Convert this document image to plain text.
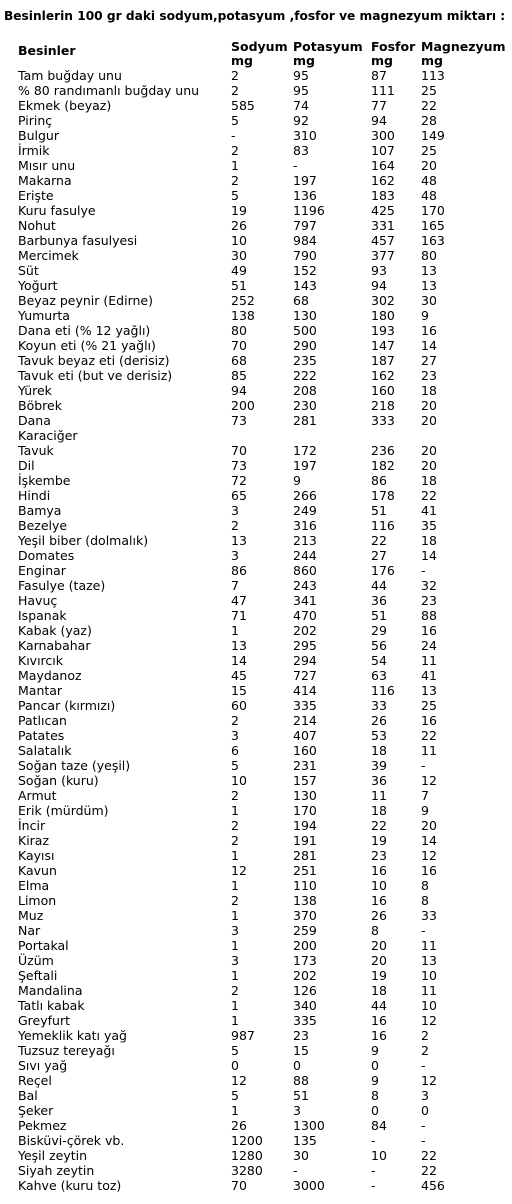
Besinlerin 100 gr daki sodyum,potasyum ,fosfor ve magnezyum miktarı :
Besinler	Sodyum	Potasyum	Fosfor	Magnezyum
	mg	mg	mg	mg
Tam buğday unu	2	95	87	113
% 80 randımanlı buğday unu	2	95	111	25
Ekmek (beyaz)	585	74	77	22
Pirinç	5	92	94	28
Bulgur	-	310	300	149
İrmik	2	83	107	25
Mısır unu	1	-	164	20
Makarna	2	197	162	48
Erişte	5	136	183	48
Kuru fasulye	19	1196	425	170
Nohut	26	797	331	165
Barbunya fasulyesi	10	984	457	163
Mercimek	30	790	377	80
Süt	49	152	93	13
Yoğurt	51	143	94	13
Beyaz peynir (Edirne)	252	68	302	30
Yumurta	138	130	180	9
Dana eti (% 12 yağlı)	80	500	193	16
Koyun eti (% 21 yağlı)	70	290	147	14
Tavuk beyaz eti (derisiz)	68	235	187	27
Tavuk eti (but ve derisiz)	85	222	162	23
Yürek	94	208	160	18
Böbrek	200	230	218	20
Dana	73	281	333	20
Karaciğer				
Tavuk	70	172	236	20
Dil	73	197	182	20
İşkembe	72	9	86	18
Hindi	65	266	178	22
Bamya	3	249	51	41
Bezelye	2	316	116	35
Yeşil biber (dolmalık)	13	213	22	18
Domates	3	244	27	14
Enginar	86	860	176	-
Fasulye (taze)	7	243	44	32
Havuç	47	341	36	23
Ispanak	71	470	51	88
Kabak (yaz)	1	202	29	16
Karnabahar	13	295	56	24
Kıvırcık	14	294	54	11
Maydanoz	45	727	63	41
Mantar	15	414	116	13
Pancar (kırmızı)	60	335	33	25
Patlıcan	2	214	26	16
Patates	3	407	53	22
Salatalık	6	160	18	11
Soğan taze (yeşil)	5	231	39	-
Soğan (kuru)	10	157	36	12
Armut	2	130	11	7
Erik (mürdüm)	1	170	18	9
İncir	2	194	22	20
Kiraz	2	191	19	14
Kayısı	1	281	23	12
Kavun	12	251	16	16
Elma	1	110	10	8
Limon	2	138	16	8
Muz	1	370	26	33
Nar	3	259	8	-
Portakal	1	200	20	11
Üzüm	3	173	20	13
Şeftali	1	202	19	10
Mandalina	2	126	18	11
Tatlı kabak	1	340	44	10
Greyfurt	1	335	16	12
Yemeklik katı yağ	987	23	16	2
Tuzsuz tereyağı	5	15	9	2
Sıvı yağ	0	0	0	-
Reçel	12	88	9	12
Bal	5	51	8	3
Şeker	1	3	0	0
Pekmez	26	1300	84	-
Bisküvi-çörek vb.	1200	135	-	-
Yeşil zeytin	1280	30	10	22
Siyah zeytin	3280	-	-	22
Kahve (kuru toz)	70	3000	-	456
